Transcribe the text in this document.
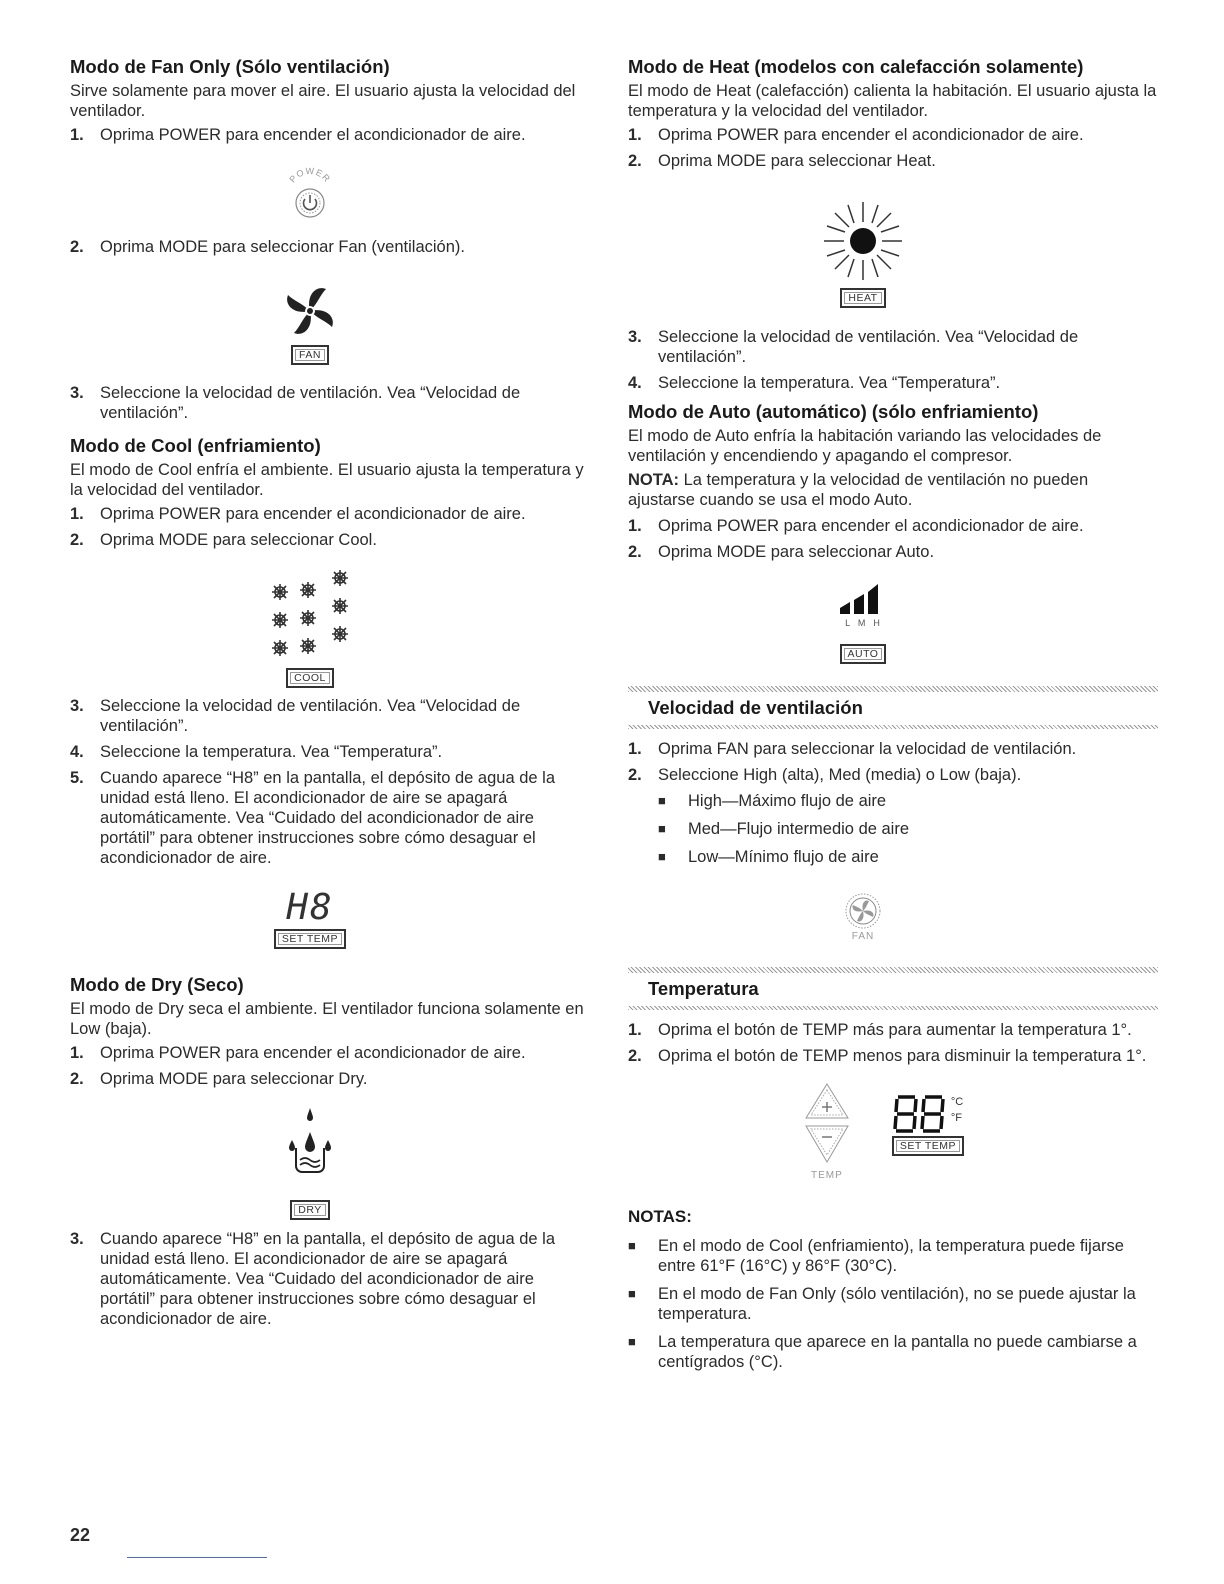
Modo de Fan Only (Sólo ventilación)

Sirve solamente para mover el aire. El usuario ajusta la velocidad del ventilador.

1. Oprima POWER para encender el acondicionador de aire.
POWER
2. Oprima MODE para seleccionar Fan (ventilación).
FAN
3. Seleccione la velocidad de ventilación. Vea “Velocidad de ventilación”.
Modo de Cool (enfriamiento)

El modo de Cool enfría el ambiente. El usuario ajusta la temperatura y la velocidad del ventilador.

1. Oprima POWER para encender el acondicionador de aire.
2. Oprima MODE para seleccionar Cool.
COOL
3. Seleccione la velocidad de ventilación. Vea “Velocidad de ventilación”.
4. Seleccione la temperatura. Vea “Temperatura”.
5. Cuando aparece “H8” en la pantalla, el depósito de agua de la unidad está lleno. El acondicionador de aire se apagará automáticamente. Vea “Cuidado del acondicionador de aire portátil” para obtener instrucciones sobre cómo desaguar el acondicionador de aire.
H8
SET TEMP
Modo de Dry (Seco)

El modo de Dry seca el ambiente. El ventilador funciona solamente en Low (baja).

1. Oprima POWER para encender el acondicionador de aire.
2. Oprima MODE para seleccionar Dry.
DRY
3. Cuando aparece “H8” en la pantalla, el depósito de agua de la unidad está lleno. El acondicionador de aire se apagará automáticamente. Vea “Cuidado del acondicionador de aire portátil” para obtener instrucciones sobre cómo desaguar el acondicionador de aire.
Modo de Heat (modelos con calefacción solamente)

El modo de Heat (calefacción) calienta la habitación. El usuario ajusta la temperatura y la velocidad del ventilador.

1. Oprima POWER para encender el acondicionador de aire.
2. Oprima MODE para seleccionar Heat.
HEAT
3. Seleccione la velocidad de ventilación. Vea “Velocidad de ventilación”.
4. Seleccione la temperatura. Vea “Temperatura”.
Modo de Auto (automático) (sólo enfriamiento)

El modo de Auto enfría la habitación variando las velocidades de ventilación y encendiendo y apagando el compresor.

NOTA: La temperatura y la velocidad de ventilación no pueden ajustarse cuando se usa el modo Auto.

1. Oprima POWER para encender el acondicionador de aire.
2. Oprima MODE para seleccionar Auto.
L  M  H
AUTO
Velocidad de ventilación
1. Oprima FAN para seleccionar la velocidad de ventilación.
2. Seleccione High (alta), Med (media) o Low (baja).
■	High—Máximo flujo de aire
■	Med—Flujo intermedio de aire
■	Low—Mínimo flujo de aire
FAN
Temperatura
1. Oprima el botón de TEMP más para aumentar la temperatura 1°.
2. Oprima el botón de TEMP menos para disminuir la temperatura 1°.
TEMP
°C
°F
SET TEMP
NOTAS:
■	En el modo de Cool (enfriamiento), la temperatura puede fijarse entre 61°F (16°C) y 86°F (30°C).
■	En el modo de Fan Only (sólo ventilación), no se puede ajustar la temperatura.
■	La temperatura que aparece en la pantalla no puede cambiarse a centígrados (°C).
22
